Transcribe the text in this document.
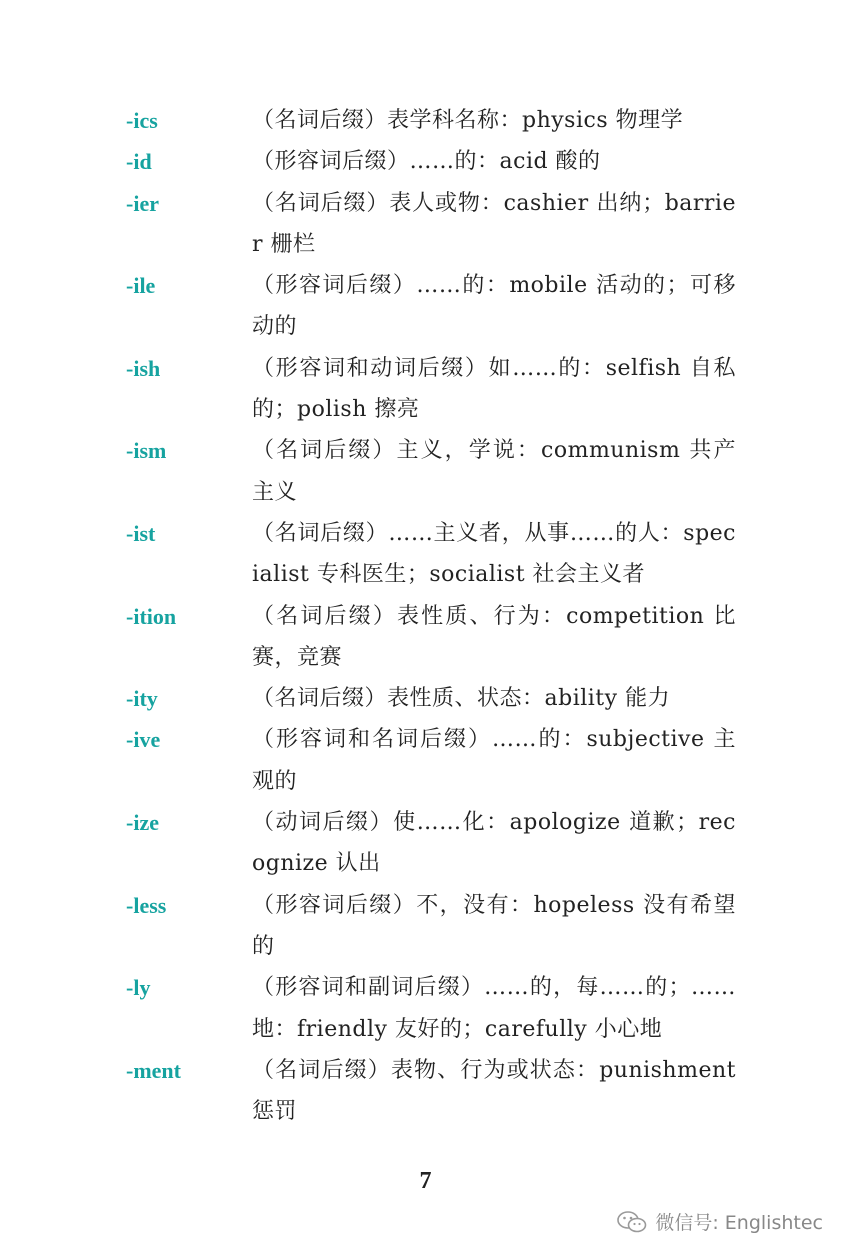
-ics	（名词后缀）表学科名称：physics 物理学
-id	（形容词后缀）……的：acid 酸的
-ier	（名词后缀）表人或物：cashier 出纳；barrier 栅栏
-ile	（形容词后缀）……的：mobile 活动的；可移动的
-ish	（形容词和动词后缀）如……的：selfish 自私的；polish 擦亮
-ism	（名词后缀）主义，学说：communism 共产主义
-ist	（名词后缀）……主义者，从事……的人：specialist 专科医生；socialist 社会主义者
-ition	（名词后缀）表性质、行为：competition 比赛，竞赛
-ity	（名词后缀）表性质、状态：ability 能力
-ive	（形容词和名词后缀）……的：subjective 主观的
-ize	（动词后缀）使……化：apologize 道歉；recognize 认出
-less	（形容词后缀）不，没有：hopeless 没有希望的
-ly	（形容词和副词后缀）……的，每……的；……地：friendly 友好的；carefully 小心地
-ment	（名词后缀）表物、行为或状态：punishment 惩罚
7
微信号: Englishtec
